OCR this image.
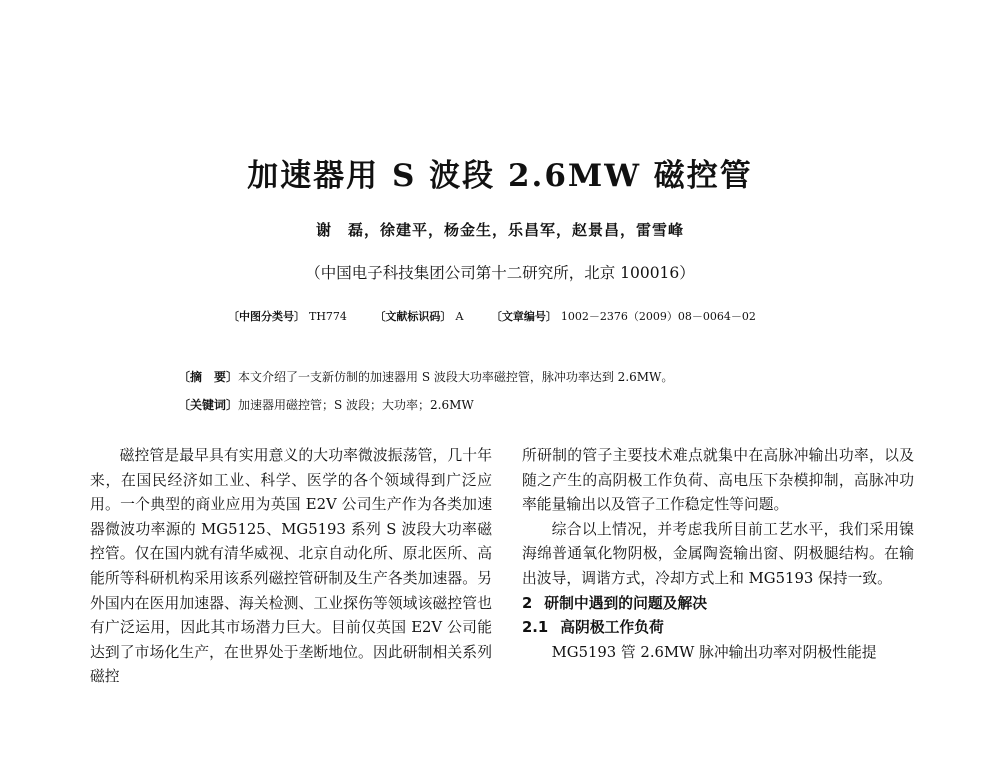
加速器用 S 波段 2.6MW 磁控管
谢　磊，徐建平，杨金生，乐昌军，赵景昌，雷雪峰
（中国电子科技集团公司第十二研究所，北京 100016）
〔中图分类号〕 TH774	〔文献标识码〕 A	〔文章编号〕 1002－2376（2009）08－0064－02
〔摘　要〕本文介绍了一支新仿制的加速器用 S 波段大功率磁控管，脉冲功率达到 2.6MW。
〔关键词〕加速器用磁控管；S 波段；大功率；2.6MW

磁控管是最早具有实用意义的大功率微波振荡管，几十年来，在国民经济如工业、科学、医学的各个领域得到广泛应用。一个典型的商业应用为英国 E2V 公司生产作为各类加速器微波功率源的 MG5125、MG5193 系列 S 波段大功率磁控管。仅在国内就有清华威视、北京自动化所、原北医所、高能所等科研机构采用该系列磁控管研制及生产各类加速器。另外国内在医用加速器、海关检测、工业探伤等领域该磁控管也有广泛运用，因此其市场潜力巨大。目前仅英国 E2V 公司能达到了市场化生产，在世界处于垄断地位。因此研制相关系列磁控

所研制的管子主要技术难点就集中在高脉冲输出功率，以及随之产生的高阴极工作负荷、高电压下杂模抑制，高脉冲功率能量输出以及管子工作稳定性等问题。

综合以上情况，并考虑我所目前工艺水平，我们采用镍海绵普通氧化物阴极，金属陶瓷输出窗、阴极腿结构。在输出波导，调谐方式，冷却方式上和 MG5193 保持一致。

2 研制中遇到的问题及解决

2.1 高阴极工作负荷

MG5193 管 2.6MW 脉冲输出功率对阴极性能提
